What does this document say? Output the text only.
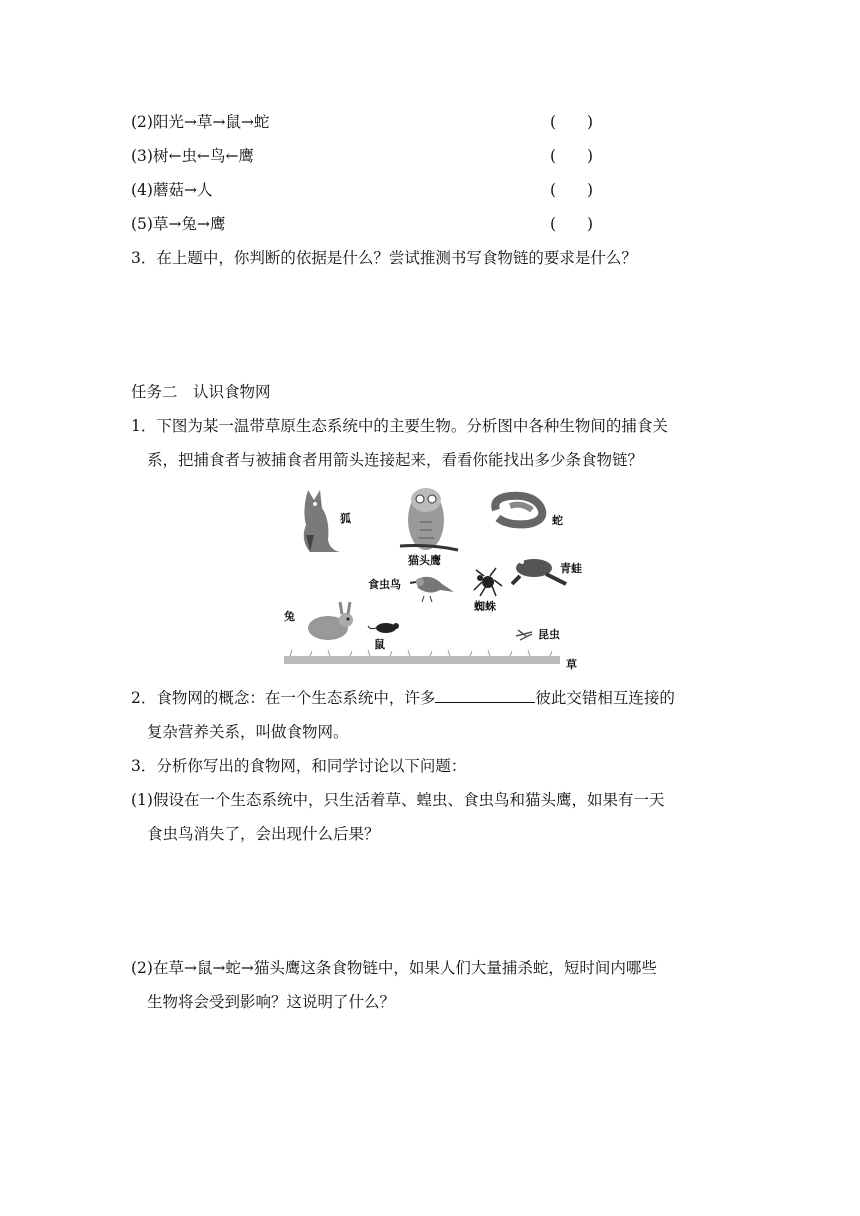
(2)阳光→草→鼠→蛇	(　　)
(3)树←虫←鸟←鹰	(　　)
(4)蘑菇→人	(　　)
(5)草→兔→鹰	(　　)
3．在上题中，你判断的依据是什么？尝试推测书写食物链的要求是什么？
任务二　认识食物网
1．下图为某一温带草原生态系统中的主要生物。分析图中各种生物间的捕食关
系，把捕食者与被捕食者用箭头连接起来，看看你能找出多少条食物链？
狐
猫头鹰
蛇
青蛙
食虫鸟
蜘蛛
兔
鼠
昆虫
草
2．食物网的概念：在一个生态系统中，许多	彼此交错相互连接的
复杂营养关系，叫做食物网。
3．分析你写出的食物网，和同学讨论以下问题：
(1)假设在一个生态系统中，只生活着草、蝗虫、食虫鸟和猫头鹰，如果有一天
食虫鸟消失了，会出现什么后果？
(2)在草→鼠→蛇→猫头鹰这条食物链中，如果人们大量捕杀蛇，短时间内哪些
生物将会受到影响？这说明了什么？
